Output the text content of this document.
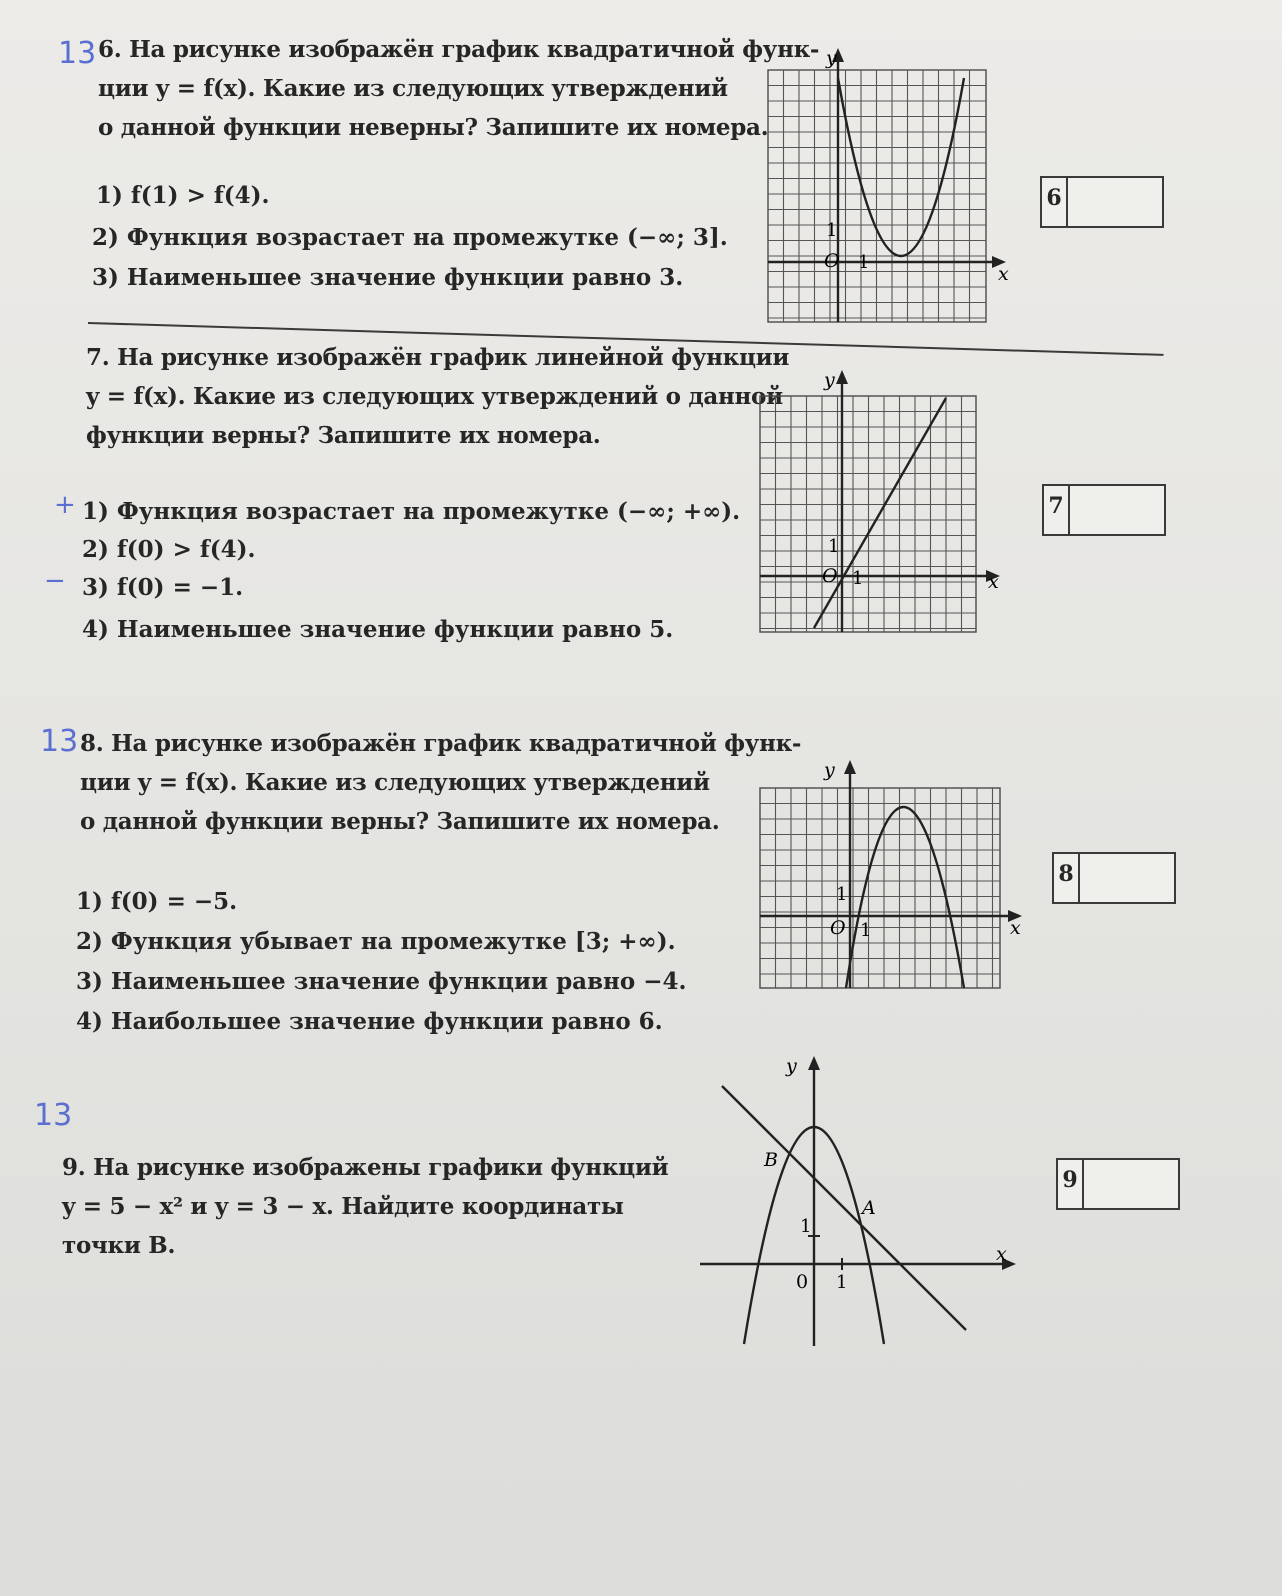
13 6. На рисунке изображён график квадратичной функ-

ции y = f(x). Какие из следующих утверждений

о данной функции неверны? Запишите их номера.

1) f(1) > f(4).
2) Функция возрастает на промежутке (−∞; 3].
3) Наименьшее значение функции равно 3.
y
x
O 1
1
6

7. На рисунке изображён график линейной функции

y = f(x). Какие из следующих утверждений о данной

функции верны? Запишите их номера.

+ 1) Функция возрастает на промежутке (−∞; +∞).
2) f(0) > f(4).
− 3) f(0) = −1.
4) Наименьшее значение функции равно 5.
y
x
O 1
1
7
13 8. На рисунке изображён график квадратичной функ-

ции y = f(x). Какие из следующих утверждений

о данной функции верны? Запишите их номера.

1) f(0) = −5.
2) Функция убывает на промежутке [3; +∞).
3) Наименьшее значение функции равно −4.
4) Наибольшее значение функции равно 6.
y
x
O 1
1
8
13

9. На рисунке изображены графики функций

y = 5 − x² и y = 3 − x. Найдите координаты

точки B.

y
x
0 1
1
B
A
9
